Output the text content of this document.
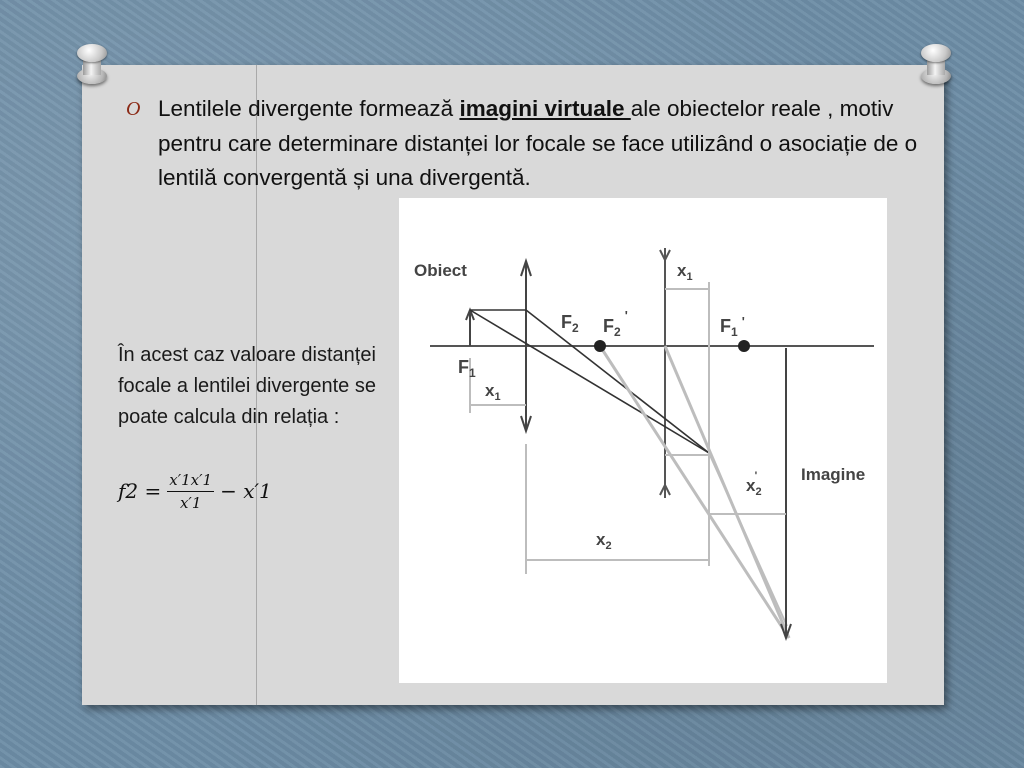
O Lentilele divergente formează imagini virtuale ale obiectelor reale , motiv pentru care determinare distanței lor focale se face utilizând o asociație de o lentilă convergentă și una divergentă.
În acest caz valoare distanței focale a lentilei divergente se poate calcula din relația :
$f2 = \frac{x'1x'1}{x'1} - x'1$
Obiect
Imagine
$F_2$ $F_2'$
$F_1'$
$F_1$
$x_1$
$x_1$
$x_2'$
$x_2$
